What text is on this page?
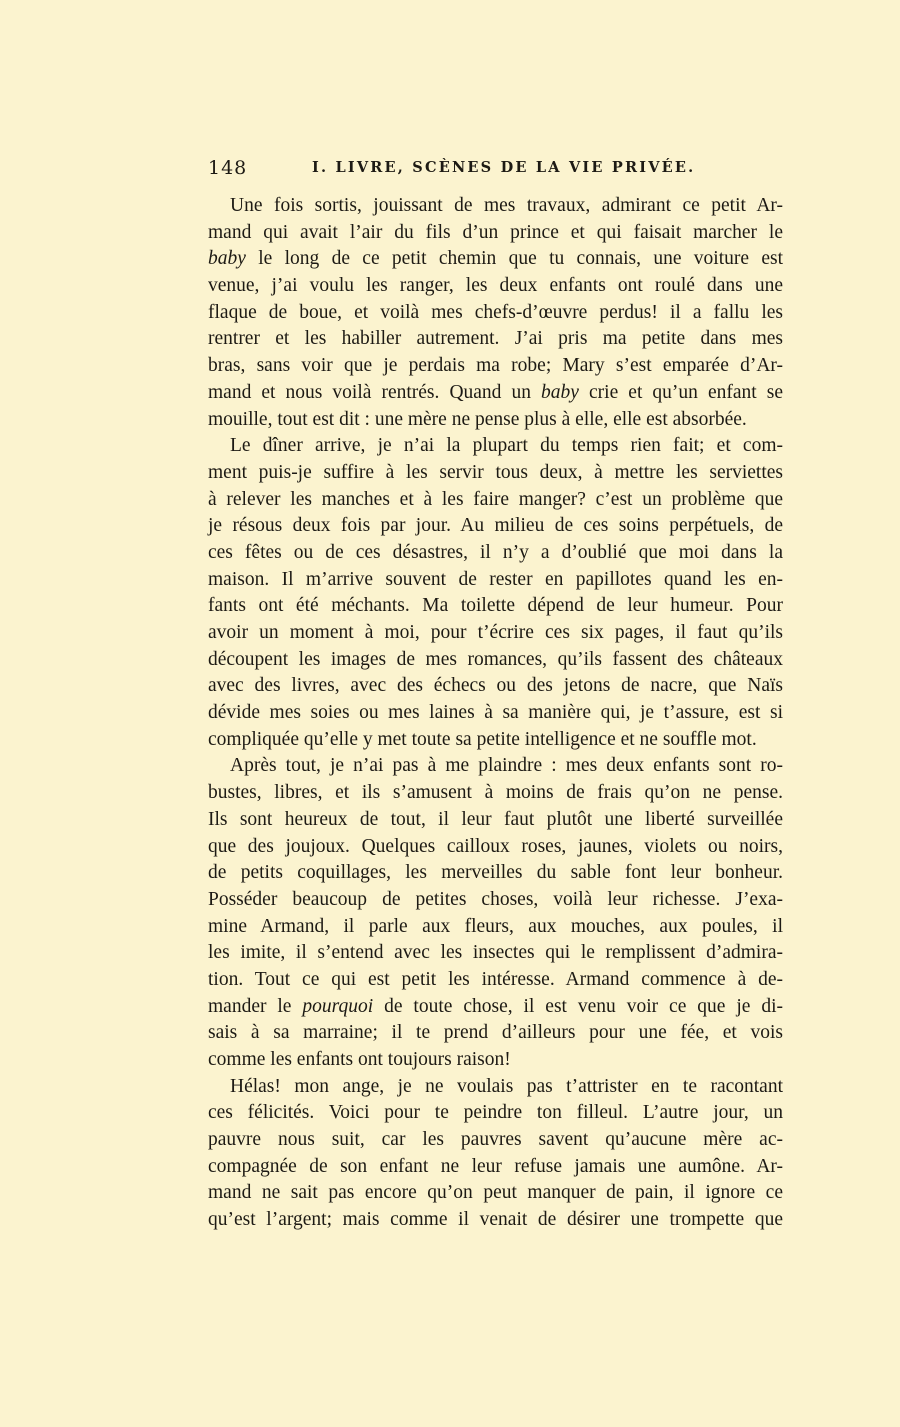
148	I. LIVRE, SCÈNES DE LA VIE PRIVÉE.
Une fois sortis, jouissant de mes travaux, admirant ce petit Ar-
mand qui avait l’air du fils d’un prince et qui faisait marcher le
baby le long de ce petit chemin que tu connais, une voiture est
venue, j’ai voulu les ranger, les deux enfants ont roulé dans une
flaque de boue, et voilà mes chefs-d’œuvre perdus! il a fallu les
rentrer et les habiller autrement. J’ai pris ma petite dans mes
bras, sans voir que je perdais ma robe; Mary s’est emparée d’Ar-
mand et nous voilà rentrés. Quand un baby crie et qu’un enfant se
mouille, tout est dit : une mère ne pense plus à elle, elle est absorbée.
Le dîner arrive, je n’ai la plupart du temps rien fait; et com-
ment puis-je suffire à les servir tous deux, à mettre les serviettes
à relever les manches et à les faire manger? c’est un problème que
je résous deux fois par jour. Au milieu de ces soins perpétuels, de
ces fêtes ou de ces désastres, il n’y a d’oublié que moi dans la
maison. Il m’arrive souvent de rester en papillotes quand les en-
fants ont été méchants. Ma toilette dépend de leur humeur. Pour
avoir un moment à moi, pour t’écrire ces six pages, il faut qu’ils
découpent les images de mes romances, qu’ils fassent des châteaux
avec des livres, avec des échecs ou des jetons de nacre, que Naïs
dévide mes soies ou mes laines à sa manière qui, je t’assure, est si
compliquée qu’elle y met toute sa petite intelligence et ne souffle mot.
Après tout, je n’ai pas à me plaindre : mes deux enfants sont ro-
bustes, libres, et ils s’amusent à moins de frais qu’on ne pense.
Ils sont heureux de tout, il leur faut plutôt une liberté surveillée
que des joujoux. Quelques cailloux roses, jaunes, violets ou noirs,
de petits coquillages, les merveilles du sable font leur bonheur.
Posséder beaucoup de petites choses, voilà leur richesse. J’exa-
mine Armand, il parle aux fleurs, aux mouches, aux poules, il
les imite, il s’entend avec les insectes qui le remplissent d’admira-
tion. Tout ce qui est petit les intéresse. Armand commence à de-
mander le pourquoi de toute chose, il est venu voir ce que je di-
sais à sa marraine; il te prend d’ailleurs pour une fée, et vois
comme les enfants ont toujours raison!
Hélas! mon ange, je ne voulais pas t’attrister en te racontant
ces félicités. Voici pour te peindre ton filleul. L’autre jour, un
pauvre nous suit, car les pauvres savent qu’aucune mère ac-
compagnée de son enfant ne leur refuse jamais une aumône. Ar-
mand ne sait pas encore qu’on peut manquer de pain, il ignore ce
qu’est l’argent; mais comme il venait de désirer une trompette que
